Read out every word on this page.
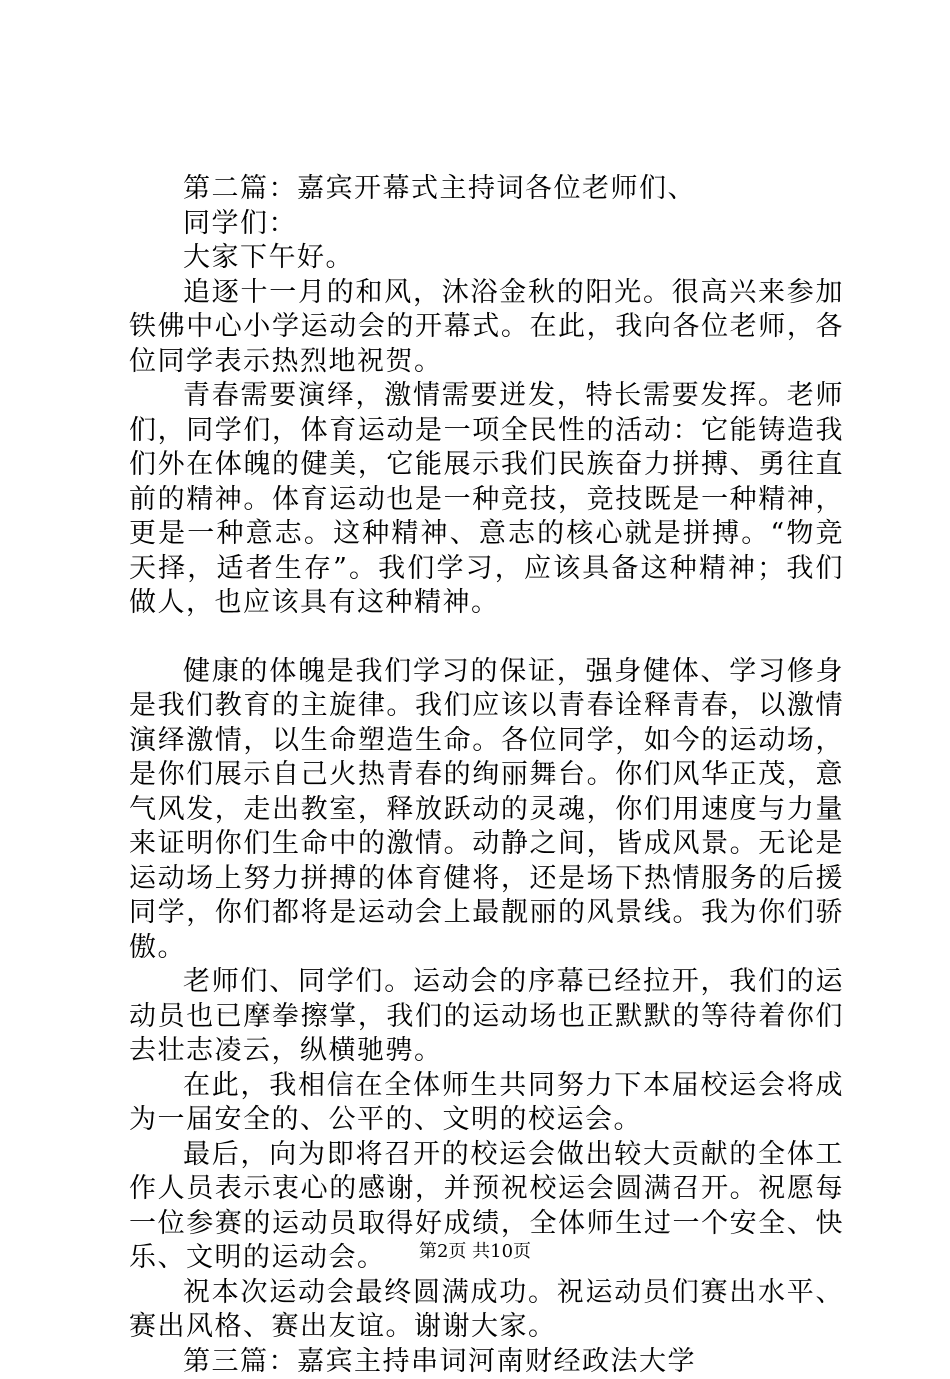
第二篇：嘉宾开幕式主持词各位老师们、

同学们：

大家下午好。

追逐十一月的和风，沐浴金秋的阳光。很高兴来参加铁佛中心小学运动会的开幕式。在此，我向各位老师，各位同学表示热烈地祝贺。

青春需要演绎，激情需要迸发，特长需要发挥。老师们，同学们，体育运动是一项全民性的活动：它能铸造我们外在体魄的健美，它能展示我们民族奋力拼搏、勇往直前的精神。体育运动也是一种竞技，竞技既是一种精神，更是一种意志。这种精神、意志的核心就是拼搏。“物竞天择，适者生存”。我们学习，应该具备这种精神；我们做人，也应该具有这种精神。

健康的体魄是我们学习的保证，强身健体、学习修身是我们教育的主旋律。我们应该以青春诠释青春，以激情演绎激情，以生命塑造生命。各位同学，如今的运动场，是你们展示自己火热青春的绚丽舞台。你们风华正茂，意气风发，走出教室，释放跃动的灵魂，你们用速度与力量来证明你们生命中的激情。动静之间，皆成风景。无论是运动场上努力拼搏的体育健将，还是场下热情服务的后援同学，你们都将是运动会上最靓丽的风景线。我为你们骄傲。

老师们、同学们。运动会的序幕已经拉开，我们的运动员也已摩拳擦掌，我们的运动场也正默默的等待着你们去壮志凌云，纵横驰骋。

在此，我相信在全体师生共同努力下本届校运会将成为一届安全的、公平的、文明的校运会。

最后，向为即将召开的校运会做出较大贡献的全体工作人员表示衷心的感谢，并预祝校运会圆满召开。祝愿每一位参赛的运动员取得好成绩，全体师生过一个安全、快乐、文明的运动会。

祝本次运动会最终圆满成功。祝运动员们赛出水平、赛出风格、赛出友谊。谢谢大家。

第三篇：嘉宾主持串词河南财经政法大学

第2页 共10页
